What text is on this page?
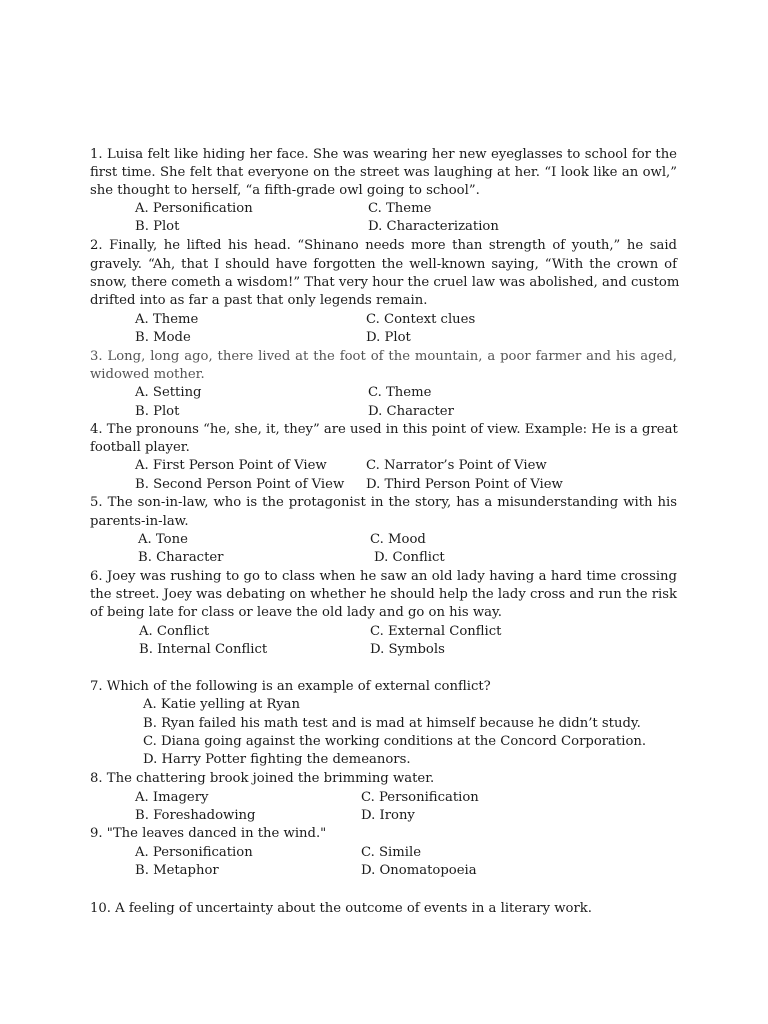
1. Luisa felt like hiding her face. She was wearing her new eyeglasses to school for the
first time. She felt that everyone on the street was laughing at her. “I look like an owl,”
she thought to herself, “a fifth-grade owl going to school”.
A. Personification	C. Theme
B. Plot	D. Characterization
2. Finally, he lifted his head. “Shinano needs more than strength of youth,” he said
gravely. “Ah, that I should have forgotten the well-known saying, “With the crown of
snow, there cometh a wisdom!” That very hour the cruel law was abolished, and custom
drifted into as far a past that only legends remain.
A. Theme	C. Context clues
B. Mode	D. Plot
3. Long, long ago, there lived at the foot of the mountain, a poor farmer and his aged,
widowed mother.
A. Setting	C. Theme
B. Plot	D. Character
4. The pronouns “he, she, it, they” are used in this point of view. Example: He is a great
football player.
A. First Person Point of View	C. Narrator’s Point of View
B. Second Person Point of View D. Third Person Point of View
5. The son-in-law, who is the protagonist in the story, has a misunderstanding with his
parents-in-law.
A. Tone	C. Mood
B. Character	D. Conflict
6. Joey was rushing to go to class when he saw an old lady having a hard time crossing
the street. Joey was debating on whether he should help the lady cross and run the risk
of being late for class or leave the old lady and go on his way.
A. Conflict	C. External Conflict
B. Internal Conflict	D. Symbols
7. Which of the following is an example of external conflict?
A. Katie yelling at Ryan
B. Ryan failed his math test and is mad at himself because he didn’t study.
C. Diana going against the working conditions at the Concord Corporation.
D. Harry Potter fighting the demeanors.
8. The chattering brook joined the brimming water.
A. Imagery	C. Personification
B. Foreshadowing	D. Irony
9. "The leaves danced in the wind."
A. Personification	C. Simile
B. Metaphor	D. Onomatopoeia
10. A feeling of uncertainty about the outcome of events in a literary work.
